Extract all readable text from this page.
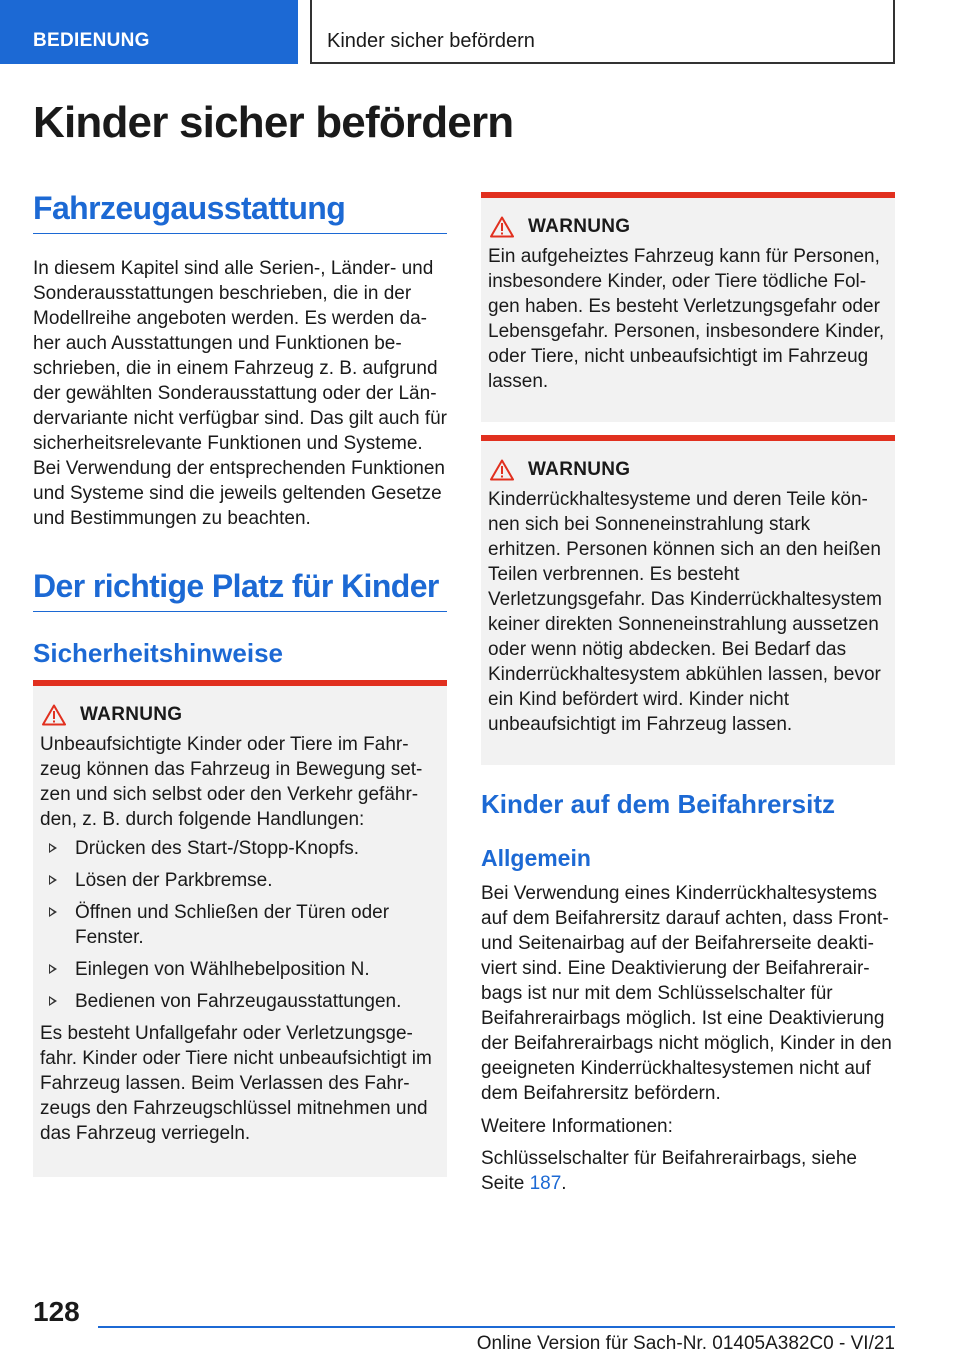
BEDIENUNG	Kinder sicher befördern
Kinder sicher befördern
Fahrzeugausstattung

In diesem Kapitel sind alle Serien-, Länder- und Sonderausstattungen beschrieben, die in der Modellreihe angeboten werden. Es werden daher auch Ausstattungen und Funktionen beschrieben, die in einem Fahrzeug z. B. aufgrund der gewählten Sonderausstattung oder der Ländervariante nicht verfügbar sind. Das gilt auch für sicherheitsrelevante Funktionen und Systeme. Bei Verwendung der entsprechenden Funktionen und Systeme sind die jeweils geltenden Gesetze und Bestimmungen zu beachten.

Der richtige Platz für Kinder
Sicherheitshinweise
WARNUNG

Unbeaufsichtigte Kinder oder Tiere im Fahrzeug können das Fahrzeug in Bewegung setzen und sich selbst oder den Verkehr gefährden, z. B. durch folgende Handlungen:

Drücken des Start-/Stopp-Knopfs.
Lösen der Parkbremse.
Öffnen und Schließen der Türen oder Fenster.
Einlegen von Wählhebelposition N.
Bedienen von Fahrzeugausstattungen.

Es besteht Unfallgefahr oder Verletzungsgefahr. Kinder oder Tiere nicht unbeaufsichtigt im Fahrzeug lassen. Beim Verlassen des Fahrzeugs den Fahrzeugschlüssel mitnehmen und das Fahrzeug verriegeln.

WARNUNG

Ein aufgeheiztes Fahrzeug kann für Personen, insbesondere Kinder, oder Tiere tödliche Folgen haben. Es besteht Verletzungsgefahr oder Lebensgefahr. Personen, insbesondere Kinder, oder Tiere, nicht unbeaufsichtigt im Fahrzeug lassen.

WARNUNG

Kinderrückhaltesysteme und deren Teile können sich bei Sonneneinstrahlung stark erhitzen. Personen können sich an den heißen Teilen verbrennen. Es besteht Verletzungsgefahr. Das Kinderrückhaltesystem keiner direkten Sonneneinstrahlung aussetzen oder wenn nötig abdecken. Bei Bedarf das Kinderrückhaltesystem abkühlen lassen, bevor ein Kind befördert wird. Kinder nicht unbeaufsichtigt im Fahrzeug lassen.

Kinder auf dem Beifahrersitz
Allgemein

Bei Verwendung eines Kinderrückhaltesystems auf dem Beifahrersitz darauf achten, dass Front- und Seitenairbag auf der Beifahrerseite deaktiviert sind. Eine Deaktivierung der Beifahrerairbags ist nur mit dem Schlüsselschalter für Beifahrerairbags möglich. Ist eine Deaktivierung der Beifahrerairbags nicht möglich, Kinder in den geeigneten Kinderrückhaltesystemen nicht auf dem Beifahrersitz befördern.

Weitere Informationen:

Schlüsselschalter für Beifahrerairbags, siehe Seite 187.

128
Online Version für Sach-Nr. 01405A382C0 - VI/21
